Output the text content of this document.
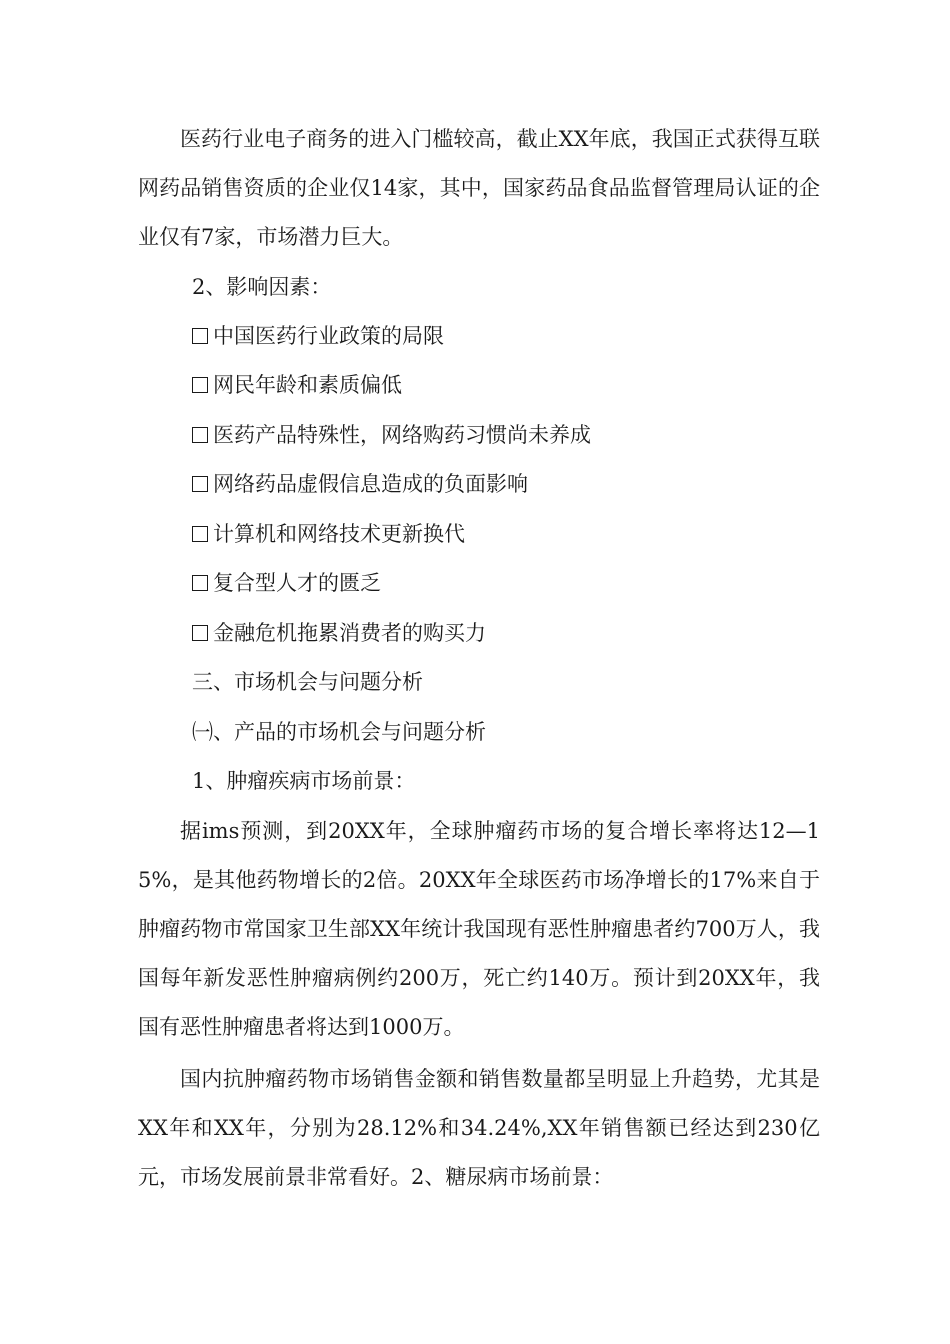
医药行业电子商务的进入门槛较高，截止XX年底，我国正式获得互联网药品销售资质的企业仅14家，其中，国家药品食品监督管理局认证的企业仅有7家，市场潜力巨大。

2、影响因素：

中国医药行业政策的局限

网民年龄和素质偏低

医药产品特殊性，网络购药习惯尚未养成

网络药品虚假信息造成的负面影响

计算机和网络技术更新换代

复合型人才的匮乏

金融危机拖累消费者的购买力

三、市场机会与问题分析

㈠、产品的市场机会与问题分析

1、肿瘤疾病市场前景：

据ims预测，到20XX年，全球肿瘤药市场的复合增长率将达12—15%，是其他药物增长的2倍。20XX年全球医药市场净增长的17%来自于肿瘤药物市常国家卫生部XX年统计我国现有恶性肿瘤患者约700万人，我国每年新发恶性肿瘤病例约200万，死亡约140万。预计到20XX年，我国有恶性肿瘤患者将达到1000万。

国内抗肿瘤药物市场销售金额和销售数量都呈明显上升趋势，尤其是XX年和XX年，分别为28.12%和34.24%,XX年销售额已经达到230亿元，市场发展前景非常看好。2、糖尿病市场前景：
